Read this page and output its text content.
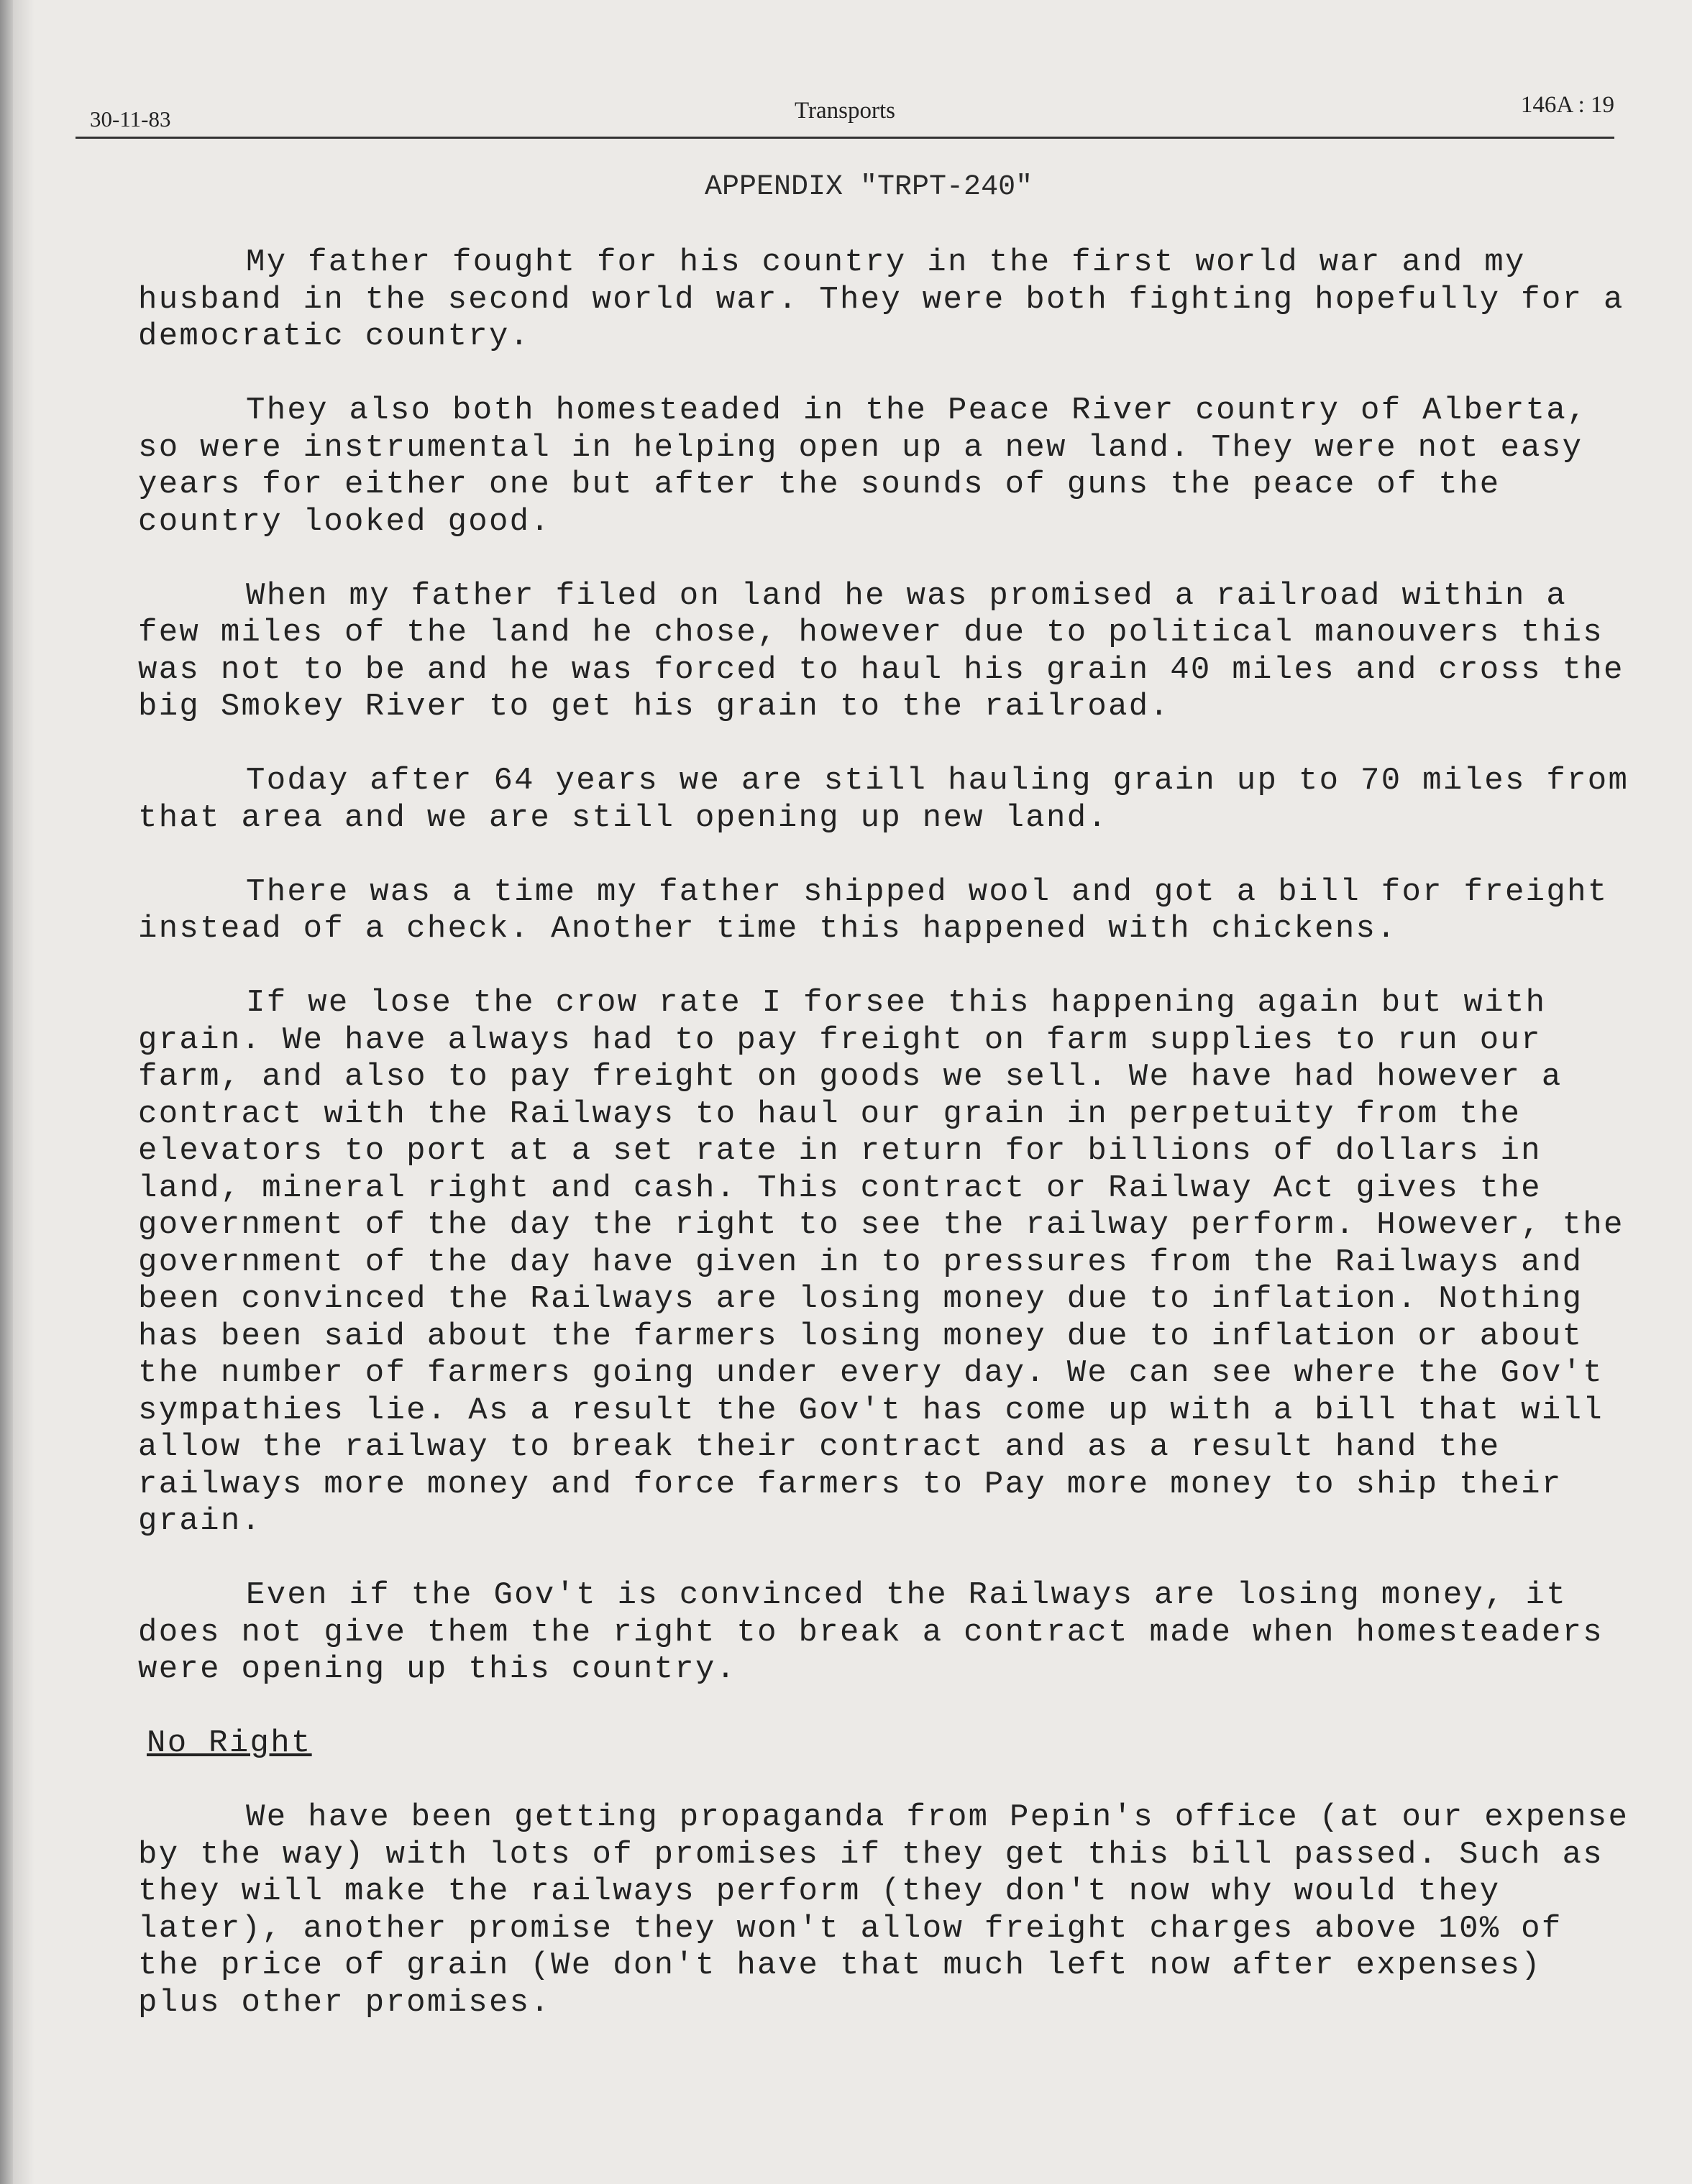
30-11-83	Transports	146A : 19
APPENDIX "TRPT-240"

My father fought for his country in the first world war and my husband in the second world war. They were both fighting hopefully for a democratic country.

They also both homesteaded in the Peace River country of Alberta, so were instrumental in helping open up a new land. They were not easy years for either one but after the sounds of guns the peace of the country looked good.

When my father filed on land he was promised a railroad within a few miles of the land he chose, however due to political manouvers this was not to be and he was forced to haul his grain 40 miles and cross the big Smokey River to get his grain to the railroad.

Today after 64 years we are still hauling grain up to 70 miles from that area and we are still opening up new land.

There was a time my father shipped wool and got a bill for freight instead of a check. Another time this happened with chickens.

If we lose the crow rate I forsee this happening again but with grain. We have always had to pay freight on farm supplies to run our farm, and also to pay freight on goods we sell. We have had however a contract with the Railways to haul our grain in perpetuity from the elevators to port at a set rate in return for billions of dollars in land, mineral right and cash. This contract or Railway Act gives the government of the day the right to see the railway perform. However, the government of the day have given in to pressures from the Railways and been convinced the Railways are losing money due to inflation. Nothing has been said about the farmers losing money due to inflation or about the number of farmers going under every day. We can see where the Gov't sympathies lie. As a result the Gov't has come up with a bill that will allow the railway to break their contract and as a result hand the railways more money and force farmers to Pay more money to ship their grain.

Even if the Gov't is convinced the Railways are losing money, it does not give them the right to break a contract made when homesteaders were opening up this country.

No Right

We have been getting propaganda from Pepin's office (at our expense by the way) with lots of promises if they get this bill passed. Such as they will make the railways perform (they don't now why would they later), another promise they won't allow freight charges above 10% of the price of grain (We don't have that much left now after expenses) plus other promises.
